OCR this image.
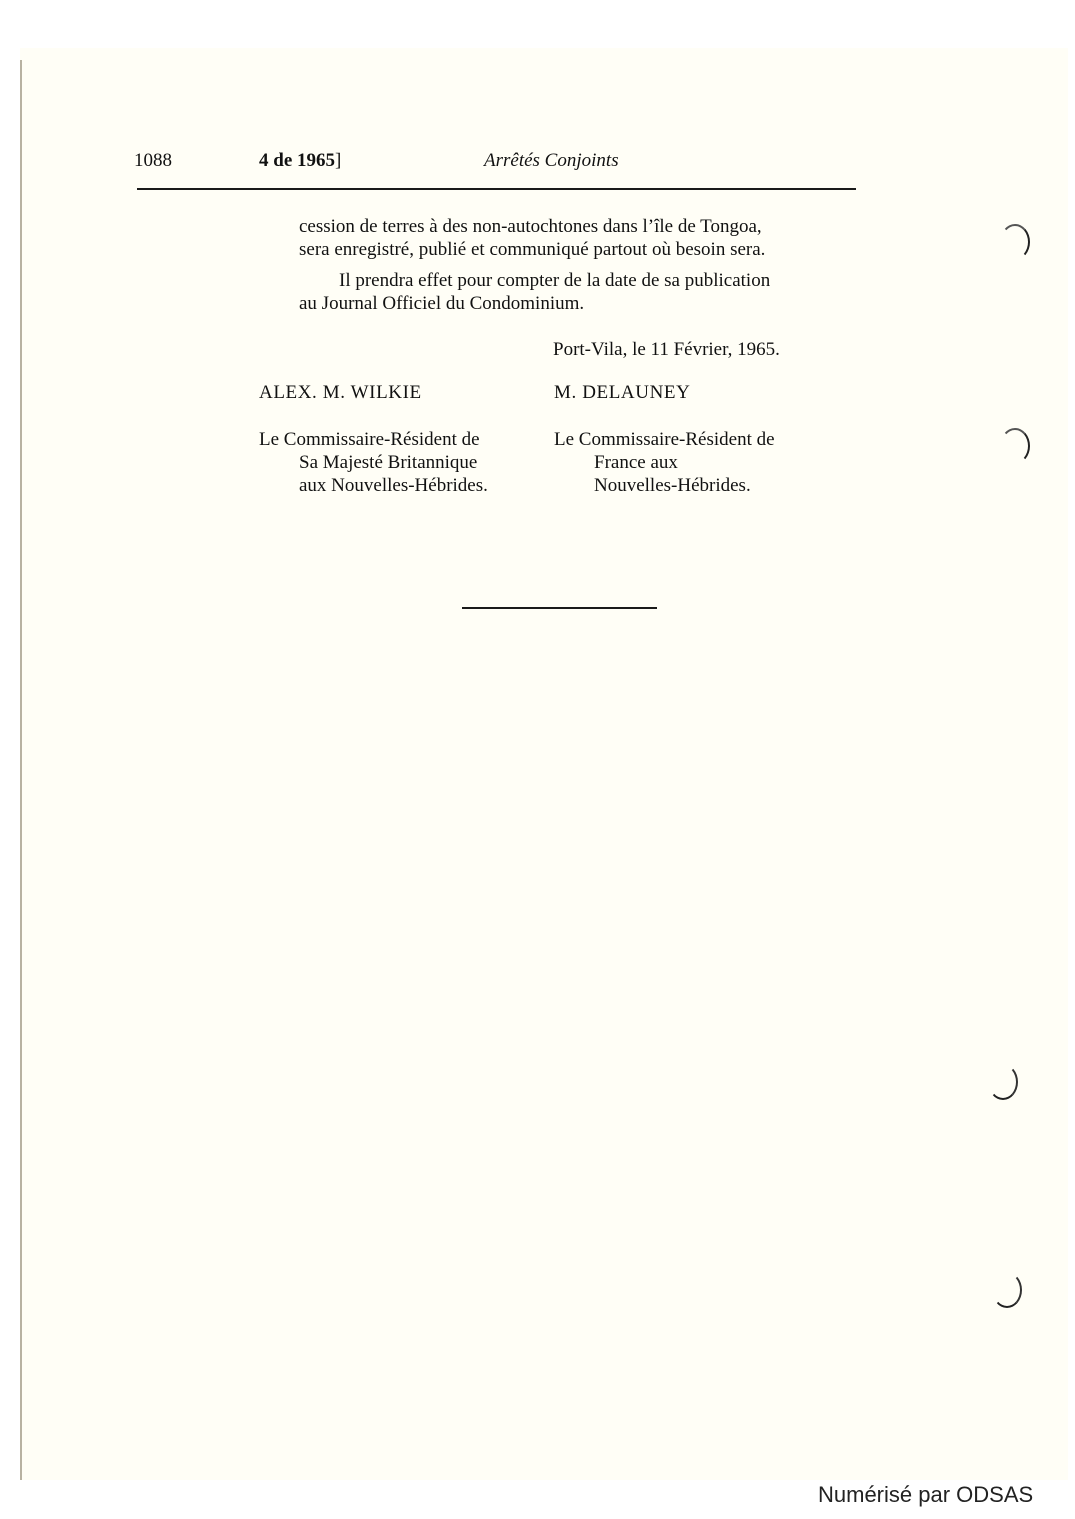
1088	4 de 1965]	Arrêtés Conjoints

cession de terres à des non-autochtones dans l’île de Tongoa,
sera enregistré, publié et communiqué partout où besoin sera.

Il prendra effet pour compter de la date de sa publication
au Journal Officiel du Condominium.

Port-Vila, le 11 Février, 1965.
ALEX. M. WILKIE	M. DELAUNEY
Le Commissaire-Résident de
Sa Majesté Britannique
aux Nouvelles-Hébrides.
Le Commissaire-Résident de
France aux
Nouvelles-Hébrides.
Numérisé par ODSAS
